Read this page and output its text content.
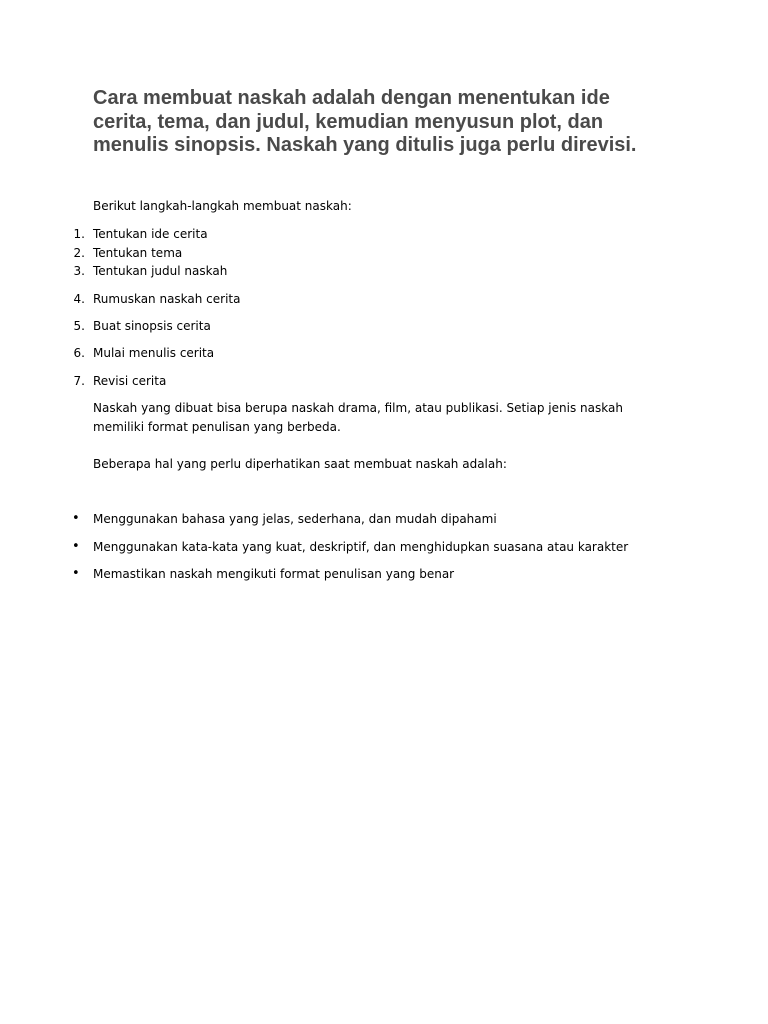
Cara membuat naskah adalah dengan menentukan ide cerita, tema, dan judul, kemudian menyusun plot, dan menulis sinopsis. Naskah yang ditulis juga perlu direvisi.

Berikut langkah-langkah membuat naskah:

1. Tentukan ide cerita
2. Tentukan tema
3. Tentukan judul naskah
4. Rumuskan naskah cerita
5. Buat sinopsis cerita
6. Mulai menulis cerita
7. Revisi cerita

Naskah yang dibuat bisa berupa naskah drama, film, atau publikasi. Setiap jenis naskah memiliki format penulisan yang berbeda.

Beberapa hal yang perlu diperhatikan saat membuat naskah adalah:

• Menggunakan bahasa yang jelas, sederhana, dan mudah dipahami
• Menggunakan kata-kata yang kuat, deskriptif, dan menghidupkan suasana atau karakter
• Memastikan naskah mengikuti format penulisan yang benar
